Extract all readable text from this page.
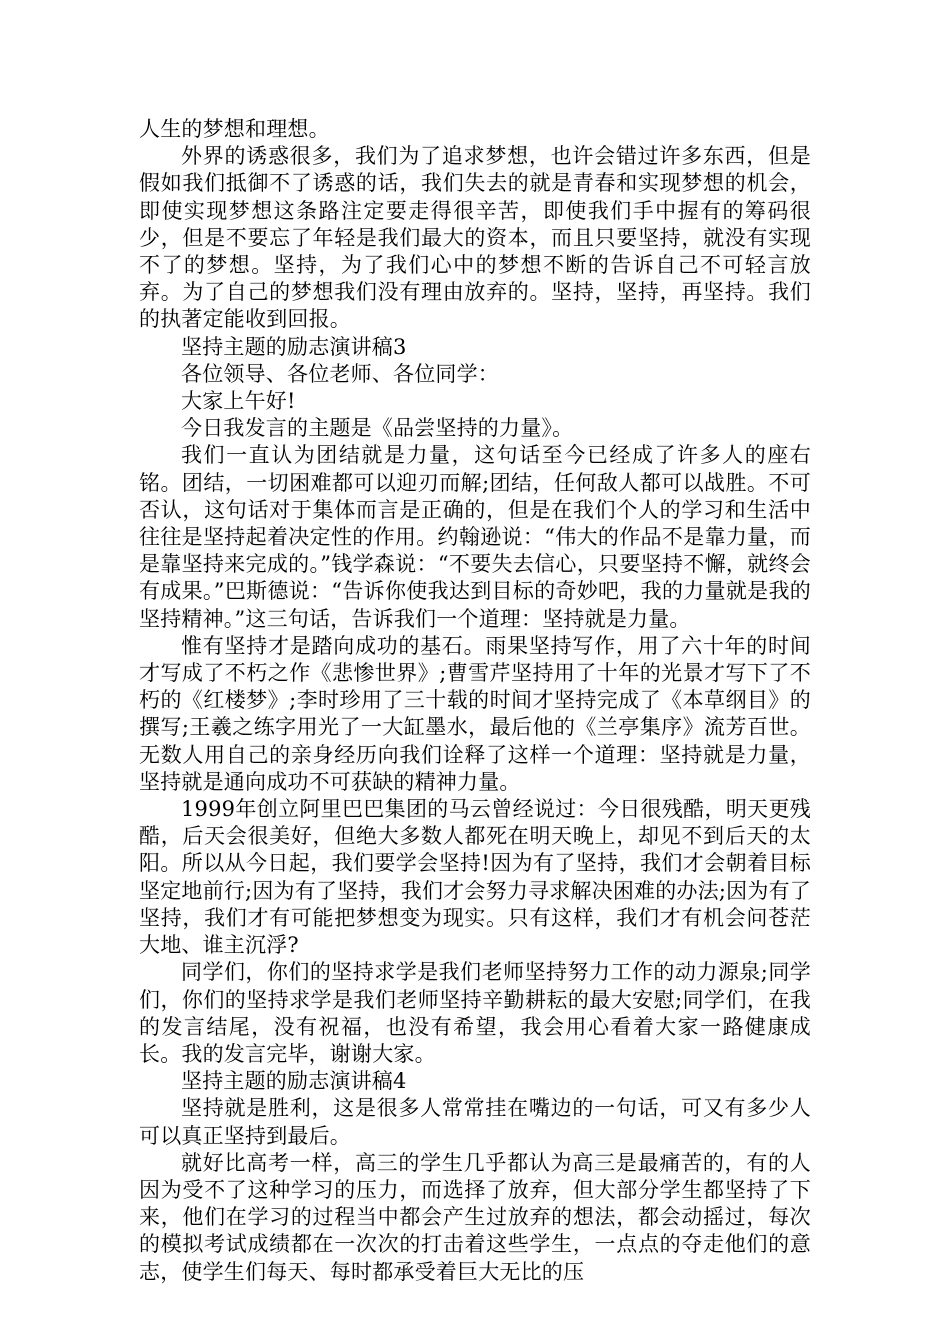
人生的梦想和理想。

外界的诱惑很多，我们为了追求梦想，也许会错过许多东西，但是假如我们抵御不了诱惑的话，我们失去的就是青春和实现梦想的机会，即使实现梦想这条路注定要走得很辛苦，即使我们手中握有的筹码很少，但是不要忘了年轻是我们最大的资本，而且只要坚持，就没有实现不了的梦想。坚持，为了我们心中的梦想不断的告诉自己不可轻言放弃。为了自己的梦想我们没有理由放弃的。坚持，坚持，再坚持。我们的执著定能收到回报。

坚持主题的励志演讲稿3

各位领导、各位老师、各位同学：

大家上午好!

今日我发言的主题是《品尝坚持的力量》。

我们一直认为团结就是力量，这句话至今已经成了许多人的座右铭。团结，一切困难都可以迎刃而解;团结，任何敌人都可以战胜。不可否认，这句话对于集体而言是正确的，但是在我们个人的学习和生活中往往是坚持起着决定性的作用。约翰逊说：“伟大的作品不是靠力量，而是靠坚持来完成的。”钱学森说：“不要失去信心，只要坚持不懈，就终会有成果。”巴斯德说：“告诉你使我达到目标的奇妙吧，我的力量就是我的坚持精神。”这三句话，告诉我们一个道理：坚持就是力量。

惟有坚持才是踏向成功的基石。雨果坚持写作，用了六十年的时间才写成了不朽之作《悲惨世界》;曹雪芹坚持用了十年的光景才写下了不朽的《红楼梦》;李时珍用了三十载的时间才坚持完成了《本草纲目》的撰写;王羲之练字用光了一大缸墨水，最后他的《兰亭集序》流芳百世。无数人用自己的亲身经历向我们诠释了这样一个道理：坚持就是力量，坚持就是通向成功不可获缺的精神力量。

1999年创立阿里巴巴集团的马云曾经说过：今日很残酷，明天更残酷，后天会很美好，但绝大多数人都死在明天晚上，却见不到后天的太阳。所以从今日起，我们要学会坚持!因为有了坚持，我们才会朝着目标坚定地前行;因为有了坚持，我们才会努力寻求解决困难的办法;因为有了坚持，我们才有可能把梦想变为现实。只有这样，我们才有机会问苍茫大地、谁主沉浮?

同学们，你们的坚持求学是我们老师坚持努力工作的动力源泉;同学们，你们的坚持求学是我们老师坚持辛勤耕耘的最大安慰;同学们，在我的发言结尾，没有祝福，也没有希望，我会用心看着大家一路健康成长。我的发言完毕，谢谢大家。

坚持主题的励志演讲稿4

坚持就是胜利，这是很多人常常挂在嘴边的一句话，可又有多少人可以真正坚持到最后。

就好比高考一样，高三的学生几乎都认为高三是最痛苦的，有的人因为受不了这种学习的压力，而选择了放弃，但大部分学生都坚持了下来，他们在学习的过程当中都会产生过放弃的想法，都会动摇过，每次的模拟考试成绩都在一次次的打击着这些学生，一点点的夺走他们的意志，使学生们每天、每时都承受着巨大无比的压
